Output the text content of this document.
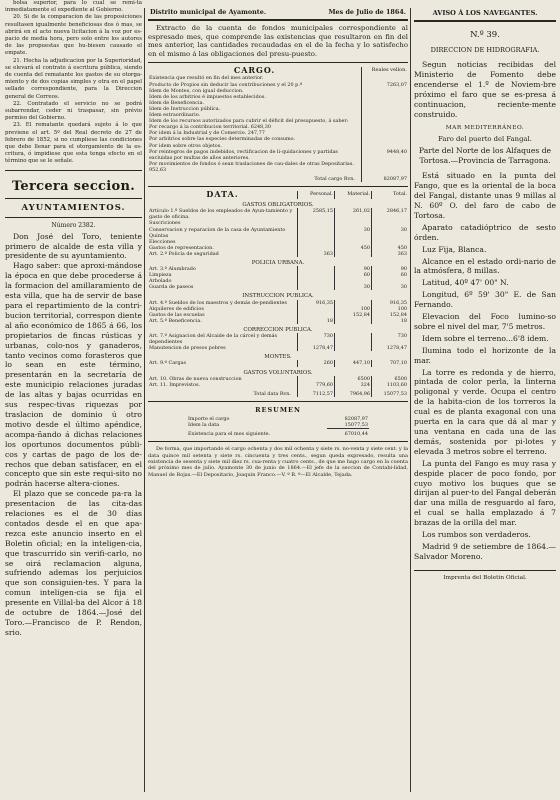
bolsa superior, para lo cual se remi-ta inmediatamente el expediente al Gobierno.

20. Si de la comparacion de las proposiciones resultasen igualmente beneficiosas dos ó mas, se abrirá en el acto nueva licitacion á la voz por es-pacio de media hora, pero solo entre los autores de las propuestas que hu-biesen causado el empate.

21. Hecha la adjudicacion por la Superioridad, se elevará el contrato á escritura pública, siendo de cuenta del rematante los gastos de su otorga-miento y de dos copias simples y otra en el papel sellado correspondiente, para la Direccion general de Correos.

22. Contratado el servicio no se podrá subarrendar, ceder ni traspasar, sin prévio permiso del Gobierno.

23. El rematante quedará sujeto á lo que previene el art. 5º del Real decreto de 27 de febrero de 1852, si no cumpliese las condiciones que debe llenar para el otorgamiento de la es-critura, ó impidiese que esta tenga efecto en el término que se le señale.

Tercera seccion.
AYUNTAMIENTOS.
Número 2382.

Don José del Toro, teniente primero de alcalde de esta villa y presidente de su ayuntamiento.

Hago saber: que aproxi-mándose la época en que debe procederse á la formacion del amillaramiento de esta villa, que ha de servir de base para el repartimiento de la contri-bucion territorial, correspon diente al año económico de 1865 á 66, los propietarios de fincas rústicas y urbanas, colo-nos y ganaderos, tanto vecinos como forasteros que lo sean en este término, presentarán en la secretaría de este municipio relaciones juradas de las altas y bajas ocurridas en sus respec-tivas riquezas por traslacion de dominio ú otro motivo desde el último apéndice, acompa-ñando á dichas relaciones los oportunos documentos públi-cos y cartas de pago de los de-rechos que deban satisfacer, en el concepto que sin este requi-sito no podrán hacerse altera-ciones.

El plazo que se concede pa-ra la presentacion de las cita-das relaciones es el de 30 días contados desde el en que apa-rezca este anuncio inserto en el Boletin oficial; en la inteligen-cia, que trascurrido sin verifi-carlo, no se oirá reclamacion alguna, sufriendo ademas los perjuicios que son consiguien-tes. Y para la comun inteligen-cia se fija el presente en Villal-ba del Alcor á 18 de octubre de 1864.—José del Toro.—Francisco de P. Rendon, srio.

Distrito municipal de Ayamonte.	Mes de Julio de 1864.

Extracto de la cuenta de fondos municipales correspondiente al espresado mes, que comprende las existencias que resultaron en fin del mes anterior, las cantidades recaudadas en el de la fecha y lo satisfecho en el mismo á las obligaciones del presu-puesto.

CARGO.	Reales vellon.
Existencia que resultó en fin del mes anterior.	
Producto de Propios sin deducir las contribuciones y el 20 p.º	7263,07
Idem de Montes, con igual deduccion.	
Idem de los arbitrios é impuestos establecidos.	
Idem de Beneficencia.	
Idem de Instruccion pública.	
Idem estraordinario.	
Idem de los recursos autorizados para cubrir el déficit del presupuesto, á saber:	
Por recargo á la contribucion territorial. 6248,30	
Por idem á la Industrial y de Comercio. 247,77	
Por arbitrios sobre las especies determinadas de consumo.	
Por idem sobre otros objetos.	
Por reintegros de pagos indebidos, rectificacion de li-quidaciones y partidas excluidas por multas de años anteriores.	9448,40
Por movimientos de fondos ó sean traslaciones de cau-dales de otras Depositarias. 952,63	
Total cargo Rvn.	82087,97
DATA.	Personal.	Material.	Total.
GASTOS OBLIGATORIOS.			
Artículo 1.º Sueldos de los empleados de Ayun-tamiento y gasto de oficina.	2585,15	261,02	2846,17
Suscriciones			
Conservacion y reparacion de la casa de Ayuntamiento		30	30
Quintas			
Elecciones			
Gastos de representacion.		450	450
Art. 2.º Policía de seguridad	363		363
POLICIA URBANA.			
Art. 3.º Alumbrado		90	90
Limpieza		60	60
Arbolado			
Guarda de paseos		30	30
INSTRUCCION PUBLICA.			
Art. 4.º Sueldos de los maestros y demás de-pendientes	916,35		916,35
Alquileres de edificios		100	100
Gastos de las escuelas		152,84	152,84
Art. 5.º Beneficencia.	18		18
CORRECCION PUBLICA.			
Art. 7.º Asignacion del Alcaide de la cárcel y demás dependientes	730		730
Manutencion de presos pobres	1278,47		1278,47
MONTES.			
Art. 9.º Cargas	260	447,10	707,10
GASTOS VOLUNTARIOS.			
Art. 10. Obras de nueva construccion		6500	6500
Art. 11. Imprevistos.	779,60	324	1103,60
Total data Rvn.	7112,57	7964,96	15077,53
RESUMEN
Importe el cargo	82087,97
Idem la data	15077,53
Existencia para el mes siguiente.	67010,44

De forma, que importando el cargo ochenta y dos mil ochenta y siete rs. no-venta y siete cent. y la data quince mil setenta y siete rs. cincuenta y tres cents., segun queda expresado, resulta una existencia de sesenta y siete mil diez rs. cua-renta y cuatro cents., de que me hago cargo en la cuenta del próximo mes de julio. Ayamonte 30 de junio de 1864.—El jefe de la seccion de Contabi-lidad, Manuel de Rojas.—El Depositario, Joaquin Franco.—V. º B. º—El Alcalde, Tejada.

AVISO Á LOS NAVEGANTES.
N.º 39.
DIRECCION DE HIDROGRAFIA.

Segun noticias recibidas del Ministerio de Fomento debe encenderse el 1.º de Noviem-bre próximo el faro que se es-presa á continuacion, reciente-mente construido.

MAR MEDITERRÁNEO.
Faro del puerto del Fangal.

Parte del Norte de los Alfaques de Tortosa.—Provincia de Tarragona.

Está situado en la punta del Fango, que es la oriental de la boca del Fangal, distante unas 9 millas al N. 60º O. del faro de cabo de Tortosa.

Aparato catadióptrico de sesto órden.

Luz Fija, Blanca.

Alcance en el estado ordi-nario de la atmósfera, 8 millas.

Latitud, 40º 47' 00" N.

Longitud, 6º 59' 30" E. de San Fernando.

Elevacion del Foco lumino-so sobre el nivel del mar, 7'5 metros.

Idem sobre el terreno...6'8 idem.

Ilumina todo el horizonte de la mar.

La torre es redonda y de hierro, pintada de color perla, la linterna poligonal y verde. Ocupa el centro de la habita-cion de los torreros la cual es de planta exagonal con una puerta en la cara que dá al mar y una ventana en cada una de las demás, sostenida por pi-lotes y elevada 3 metros sobre el terreno.

La punta del Fango es muy rasa y despide placer de poco fondo, por cuyo motivo los buques que se dirijan al puer-to del Fangal deberán dar una milla de resguardo al faro, el cual se halla emplazado á 7 brazas de la orilla del mar.

Los rumbos son verdaderos.

Madrid 9 de setiembre de 1864.—Salvador Moreno.

Imprenta del Boletin Oficial.
